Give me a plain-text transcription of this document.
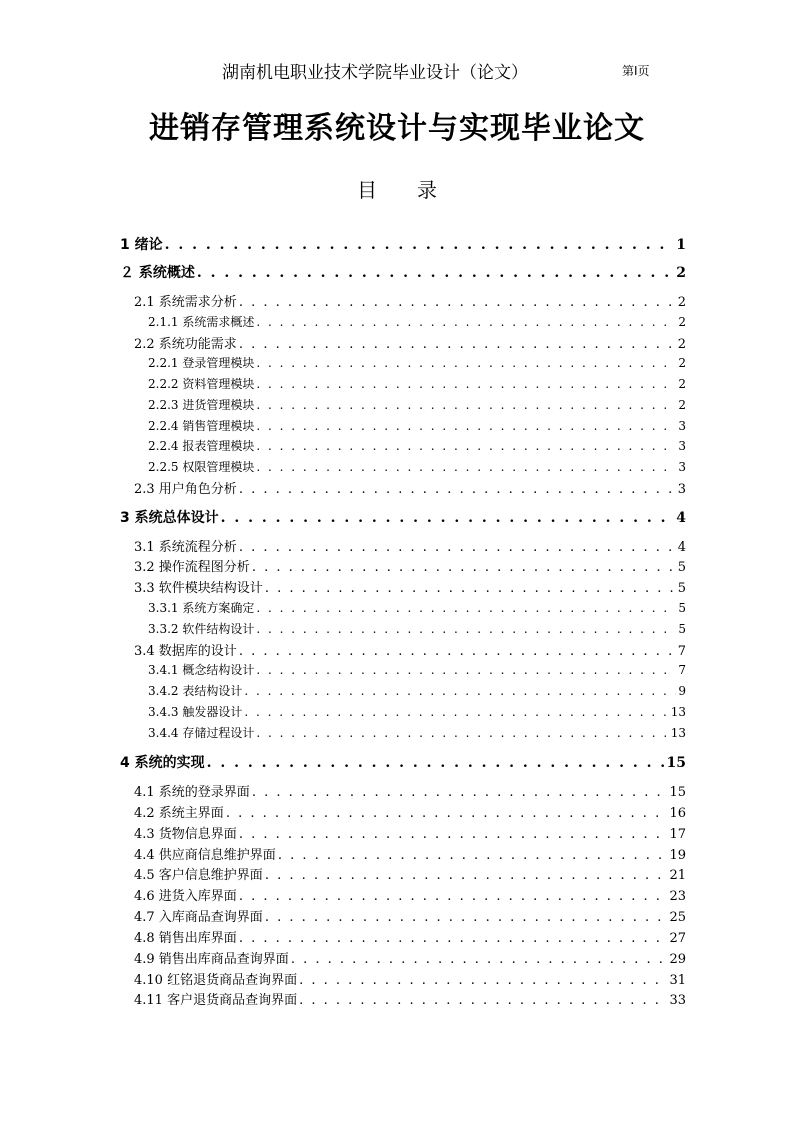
湖南机电职业技术学院毕业设计（论文）	第I页
进销存管理系统设计与实现毕业论文
目　　录
1 绪论 . . .	1
２ 系统概述 . . .	2
2.1 系统需求分析 . . .	2
2.1.1 系统需求概述 . . .	2
2.2 系统功能需求 . . .	2
2.2.1 登录管理模块 . . .	2
2.2.2 资料管理模块 . . .	2
2.2.3 进货管理模块 . . .	2
2.2.4 销售管理模块 . . .	3
2.2.4 报表管理模块 . . .	3
2.2.5 权限管理模块 . . .	3
2.3 用户角色分析 . . .	3
3 系统总体设计 . . .	4
3.1 系统流程分析 . . .	4
3.2 操作流程图分析 . . .	5
3.3 软件模块结构设计 . . .	5
3.3.1 系统方案确定 . . .	5
3.3.2 软件结构设计 . . .	5
3.4 数据库的设计 . . .	7
3.4.1 概念结构设计 . . .	7
3.4.2 表结构设计 . . .	9
3.4.3 触发器设计 . . .	13
3.4.4 存储过程设计 . . .	13
4 系统的实现 . . .	15
4.1 系统的登录界面 . . .	15
4.2 系统主界面 . . .	16
4.3 货物信息界面 . . .	17
4.4 供应商信息维护界面 . . .	19
4.5 客户信息维护界面 . . .	21
4.6 进货入库界面 . . .	23
4.7 入库商品查询界面 . . .	25
4.8 销售出库界面 . . .	27
4.9 销售出库商品查询界面 . . .	29
4.10 红铭退货商品查询界面 . . .	31
4.11 客户退货商品查询界面 . . .	33
